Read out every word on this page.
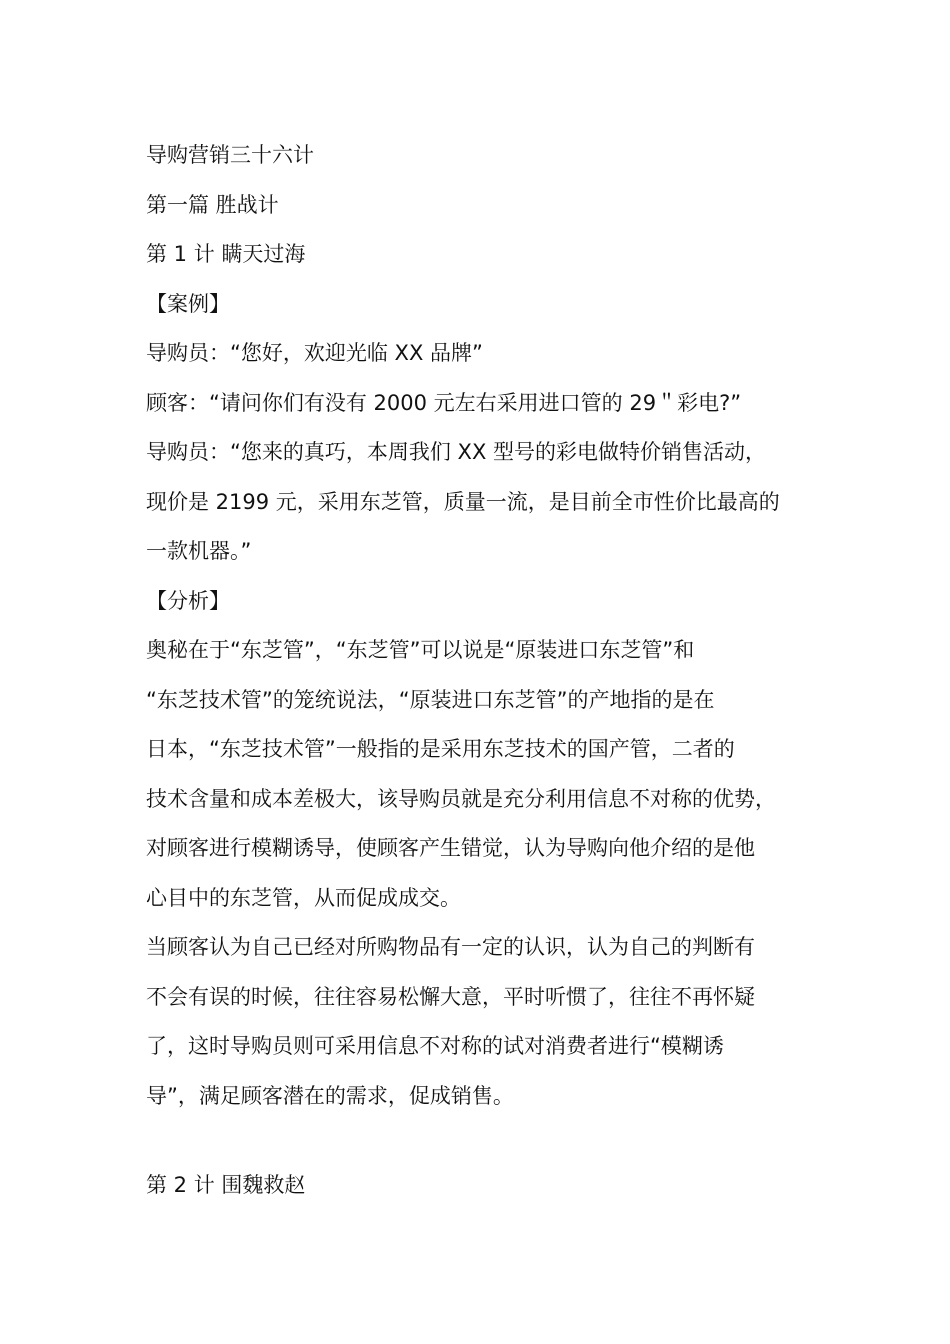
导购营销三十六计
第一篇 胜战计
第 1 计 瞒天过海
【案例】
导购员：“您好，欢迎光临 XX 品牌”
顾客：“请问你们有没有 2000 元左右采用进口管的 29＂彩电?”
导购员：“您来的真巧，本周我们 XX 型号的彩电做特价销售活动，
现价是 2199 元，采用东芝管，质量一流，是目前全市性价比最高的
一款机器。”
【分析】
奥秘在于“东芝管”，“东芝管”可以说是“原装进口东芝管”和
“东芝技术管”的笼统说法，“原装进口东芝管”的产地指的是在
日本，“东芝技术管”一般指的是采用东芝技术的国产管，二者的
技术含量和成本差极大，该导购员就是充分利用信息不对称的优势，
对顾客进行模糊诱导，使顾客产生错觉，认为导购向他介绍的是他
心目中的东芝管，从而促成成交。
当顾客认为自己已经对所购物品有一定的认识，认为自己的判断有
不会有误的时候，往往容易松懈大意，平时听惯了，往往不再怀疑
了，这时导购员则可采用信息不对称的试对消费者进行“模糊诱
导”，满足顾客潜在的需求，促成销售。
第 2 计 围魏救赵
